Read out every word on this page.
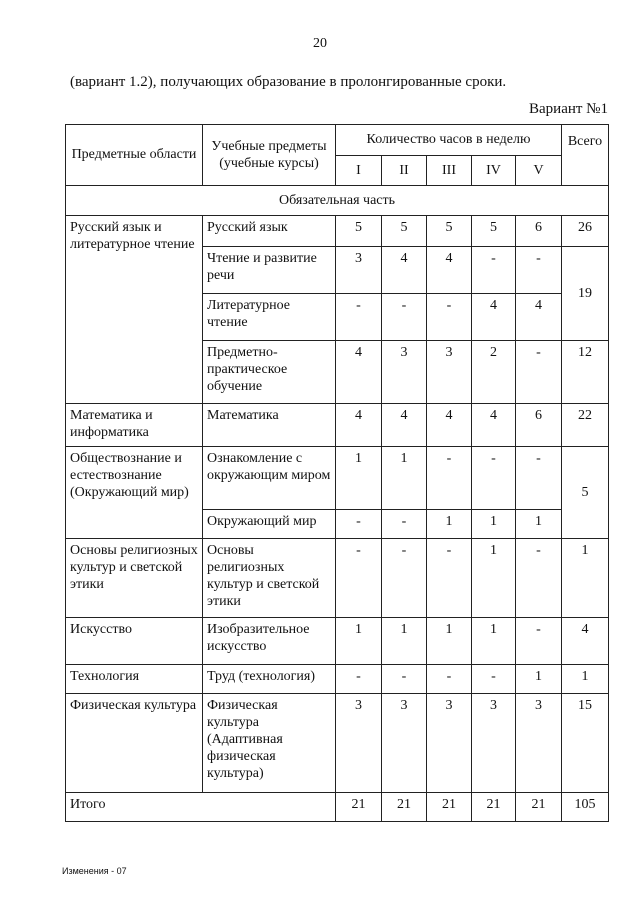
20
(вариант 1.2), получающих образование в пролонгированные сроки.
Вариант №1
Предметные области	Учебные предметы (учебные курсы)	Количество часов в неделю					Всего
		I	II	III	IV	V	
Обязательная часть							
Русский язык и литературное чтение	Русский язык	5	5	5	5	6	26
	Чтение и развитие речи	3	4	4	-	-	19
	Литературное чтение	-	-	-	4	4	
	Предметно-практическое обучение	4	3	3	2	-	12
Математика и информатика	Математика	4	4	4	4	6	22
Обществознание и естествознание (Окружающий мир)	Ознакомление с окружающим миром	1	1	-	-	-	5
	Окружающий мир	-	-	1	1	1	
Основы религиозных культур и светской этики	Основы религиозных культур и светской этики	-	-	-	1	-	1
Искусство	Изобразительное искусство	1	1	1	1	-	4
Технология	Труд (технология)	-	-	-	-	1	1
Физическая культура	Физическая культура (Адаптивная физическая культура)	3	3	3	3	3	15
Итого		21	21	21	21	21	105
Изменения - 07
